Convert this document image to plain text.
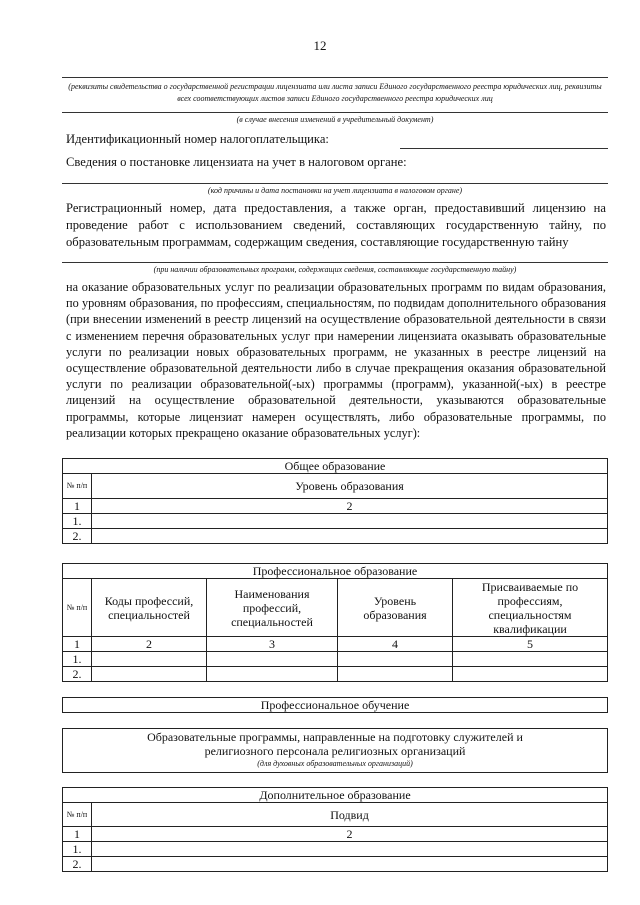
12
(реквизиты свидетельства о государственной регистрации лицензиата или листа записи Единого государственного реестра юридических лиц, реквизиты всех соответствующих листов записи Единого государственного реестра юридических лиц
(в случае внесения изменений в учредительный документ)
Идентификационный номер налогоплательщика:
Сведения о постановке лицензиата на учет в налоговом органе:
(код причины и дата постановки на учет лицензиата в налоговом органе)
Регистрационный номер, дата предоставления, а также орган, предоставивший лицензию на проведение работ с использованием сведений, составляющих государственную тайну, по образовательным программам, содержащим сведения, составляющие государственную тайну
(при наличии образовательных программ, содержащих сведения, составляющие государственную тайну)
на оказание образовательных услуг по реализации образовательных программ по видам образования, по уровням образования, по профессиям, специальностям, по подвидам дополнительного образования (при внесении изменений в реестр лицензий на осуществление образовательной деятельности в связи с изменением перечня образовательных услуг при намерении лицензиата оказывать образовательные услуги по реализации новых образовательных программ, не указанных в реестре лицензий на осуществление образовательной деятельности либо в случае прекращения оказания образовательной услуги по реализации образовательной(-ых) программы (программ), указанной(-ых) в реестре лицензий на осуществление образовательной деятельности, указываются образовательные программы, которые лицензиат намерен осуществлять, либо образовательные программы, по реализации которых прекращено оказание образовательных услуг):
Общее образование	
№ п/п	Уровень образования
1	2
1.	
2.	
Профессиональное образование				
№ п/п	Коды профессий, специальностей	Наименования профессий, специальностей	Уровень образования	Присваиваемые по профессиям, специальностям квалификации
1	2	3	4	5
1.				
2.				
Профессиональное обучение
Образовательные программы, направленные на подготовку служителей и религиозного персонала религиозных организаций
(для духовных образовательных организаций)
Дополнительное образование	
№ п/п	Подвид
1	2
1.	
2.	
